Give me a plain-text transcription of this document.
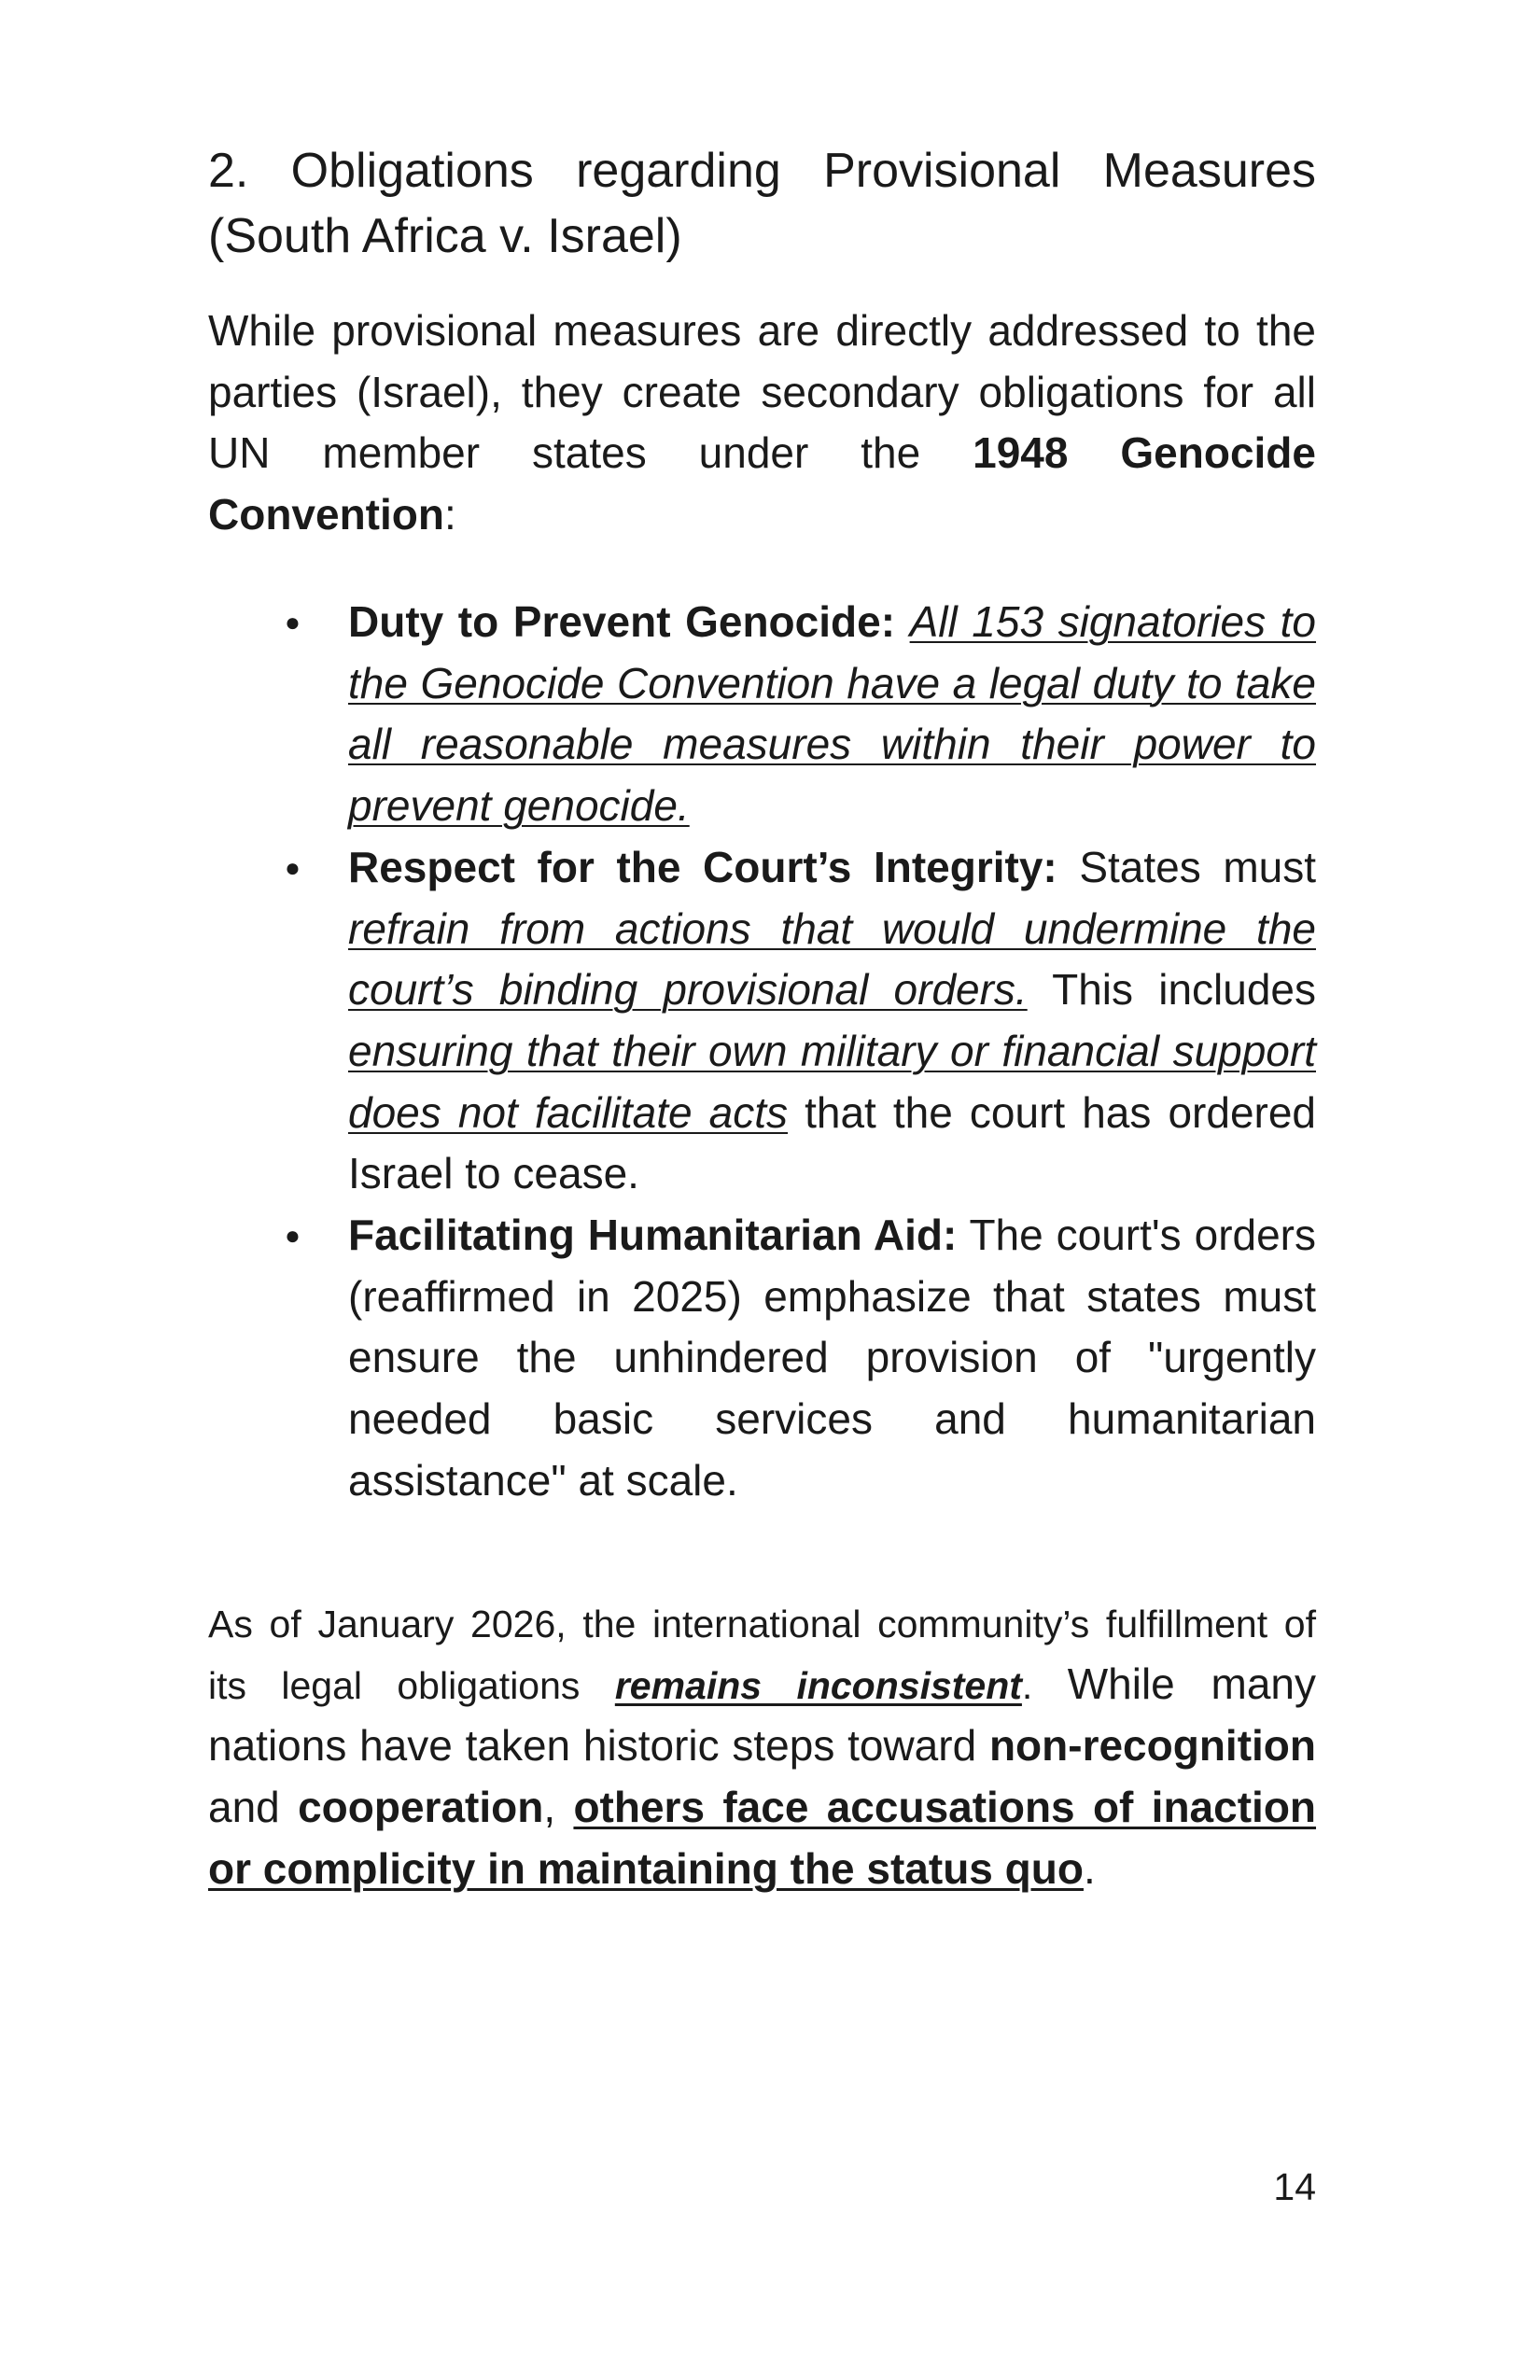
2. Obligations regarding Provisional Measures (South Africa v. Israel)

While provisional measures are directly addressed to the parties (Israel), they create secondary obligations for all UN member states under the 1948 Genocide Convention:

● Duty to Prevent Genocide: All 153 signatories to the Genocide Convention have a legal duty to take all reasonable measures within their power to prevent genocide.
● Respect for the Court’s Integrity: States must refrain from actions that would undermine the court’s binding provisional orders. This includes ensuring that their own military or financial support does not facilitate acts that the court has ordered Israel to cease.
● Facilitating Humanitarian Aid: The court's orders (reaffirmed in 2025) emphasize that states must ensure the unhindered provision of "urgently needed basic services and humanitarian assistance" at scale.

As of January 2026, the international community’s fulfillment of its legal obligations remains inconsistent. While many nations have taken historic steps toward non-recognition and cooperation, others face accusations of inaction or complicity in maintaining the status quo.

14
